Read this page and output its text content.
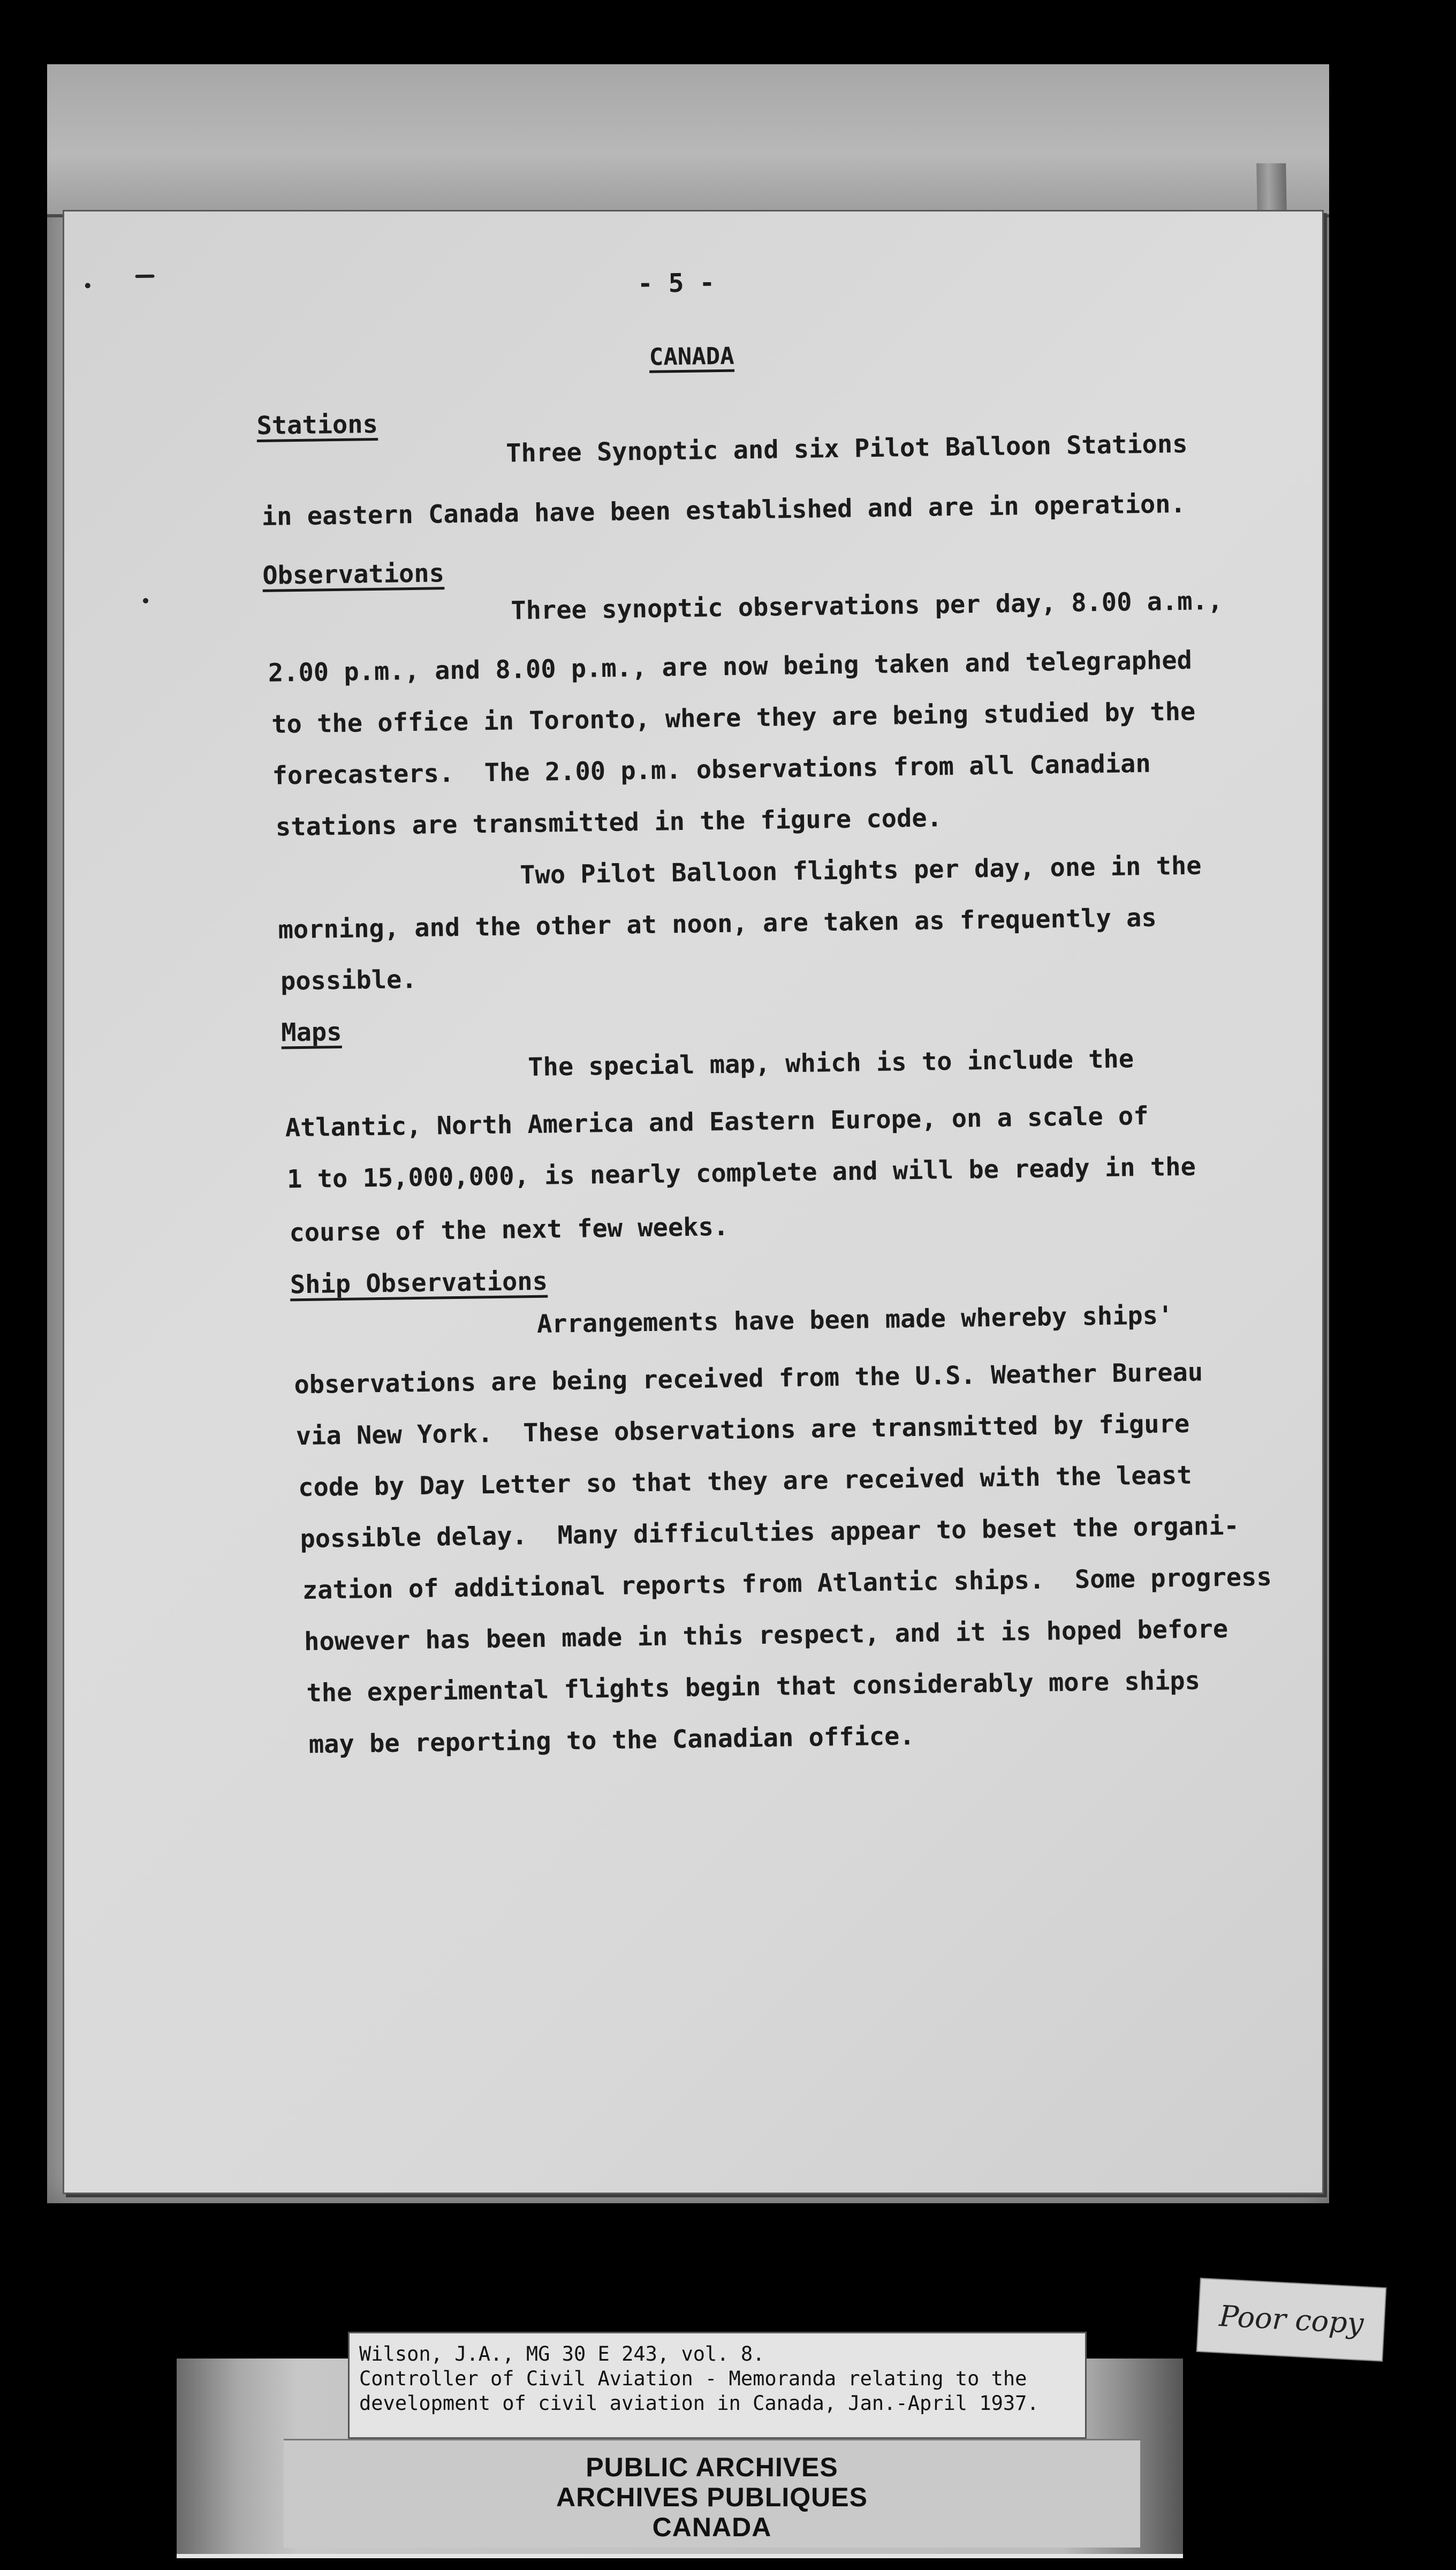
- 5 -
CANADA
Stations
Three Synoptic and six Pilot Balloon Stations
in eastern Canada have been established and are in operation.
Observations
Three synoptic observations per day, 8.00 a.m.,
2.00 p.m., and 8.00 p.m., are now being taken and telegraphed
to the office in Toronto, where they are being studied by the
forecasters.  The 2.00 p.m. observations from all Canadian
stations are transmitted in the figure code.
Two Pilot Balloon flights per day, one in the
morning, and the other at noon, are taken as frequently as
possible.
Maps
The special map, which is to include the
Atlantic, North America and Eastern Europe, on a scale of
1 to 15,000,000, is nearly complete and will be ready in the
course of the next few weeks.
Ship Observations
Arrangements have been made whereby ships'
observations are being received from the U.S. Weather Bureau
via New York.  These observations are transmitted by figure
code by Day Letter so that they are received with the least
possible delay.  Many difficulties appear to beset the organi-
zation of additional reports from Atlantic ships.  Some progress
however has been made in this respect, and it is hoped before
the experimental flights begin that considerably more ships
may be reporting to the Canadian office.
Poor copy
PUBLIC ARCHIVES
ARCHIVES PUBLIQUES
CANADA
Wilson, J.A., MG 30 E 243, vol. 8.
Controller of Civil Aviation - Memoranda relating to the
development of civil aviation in Canada, Jan.-April 1937.
